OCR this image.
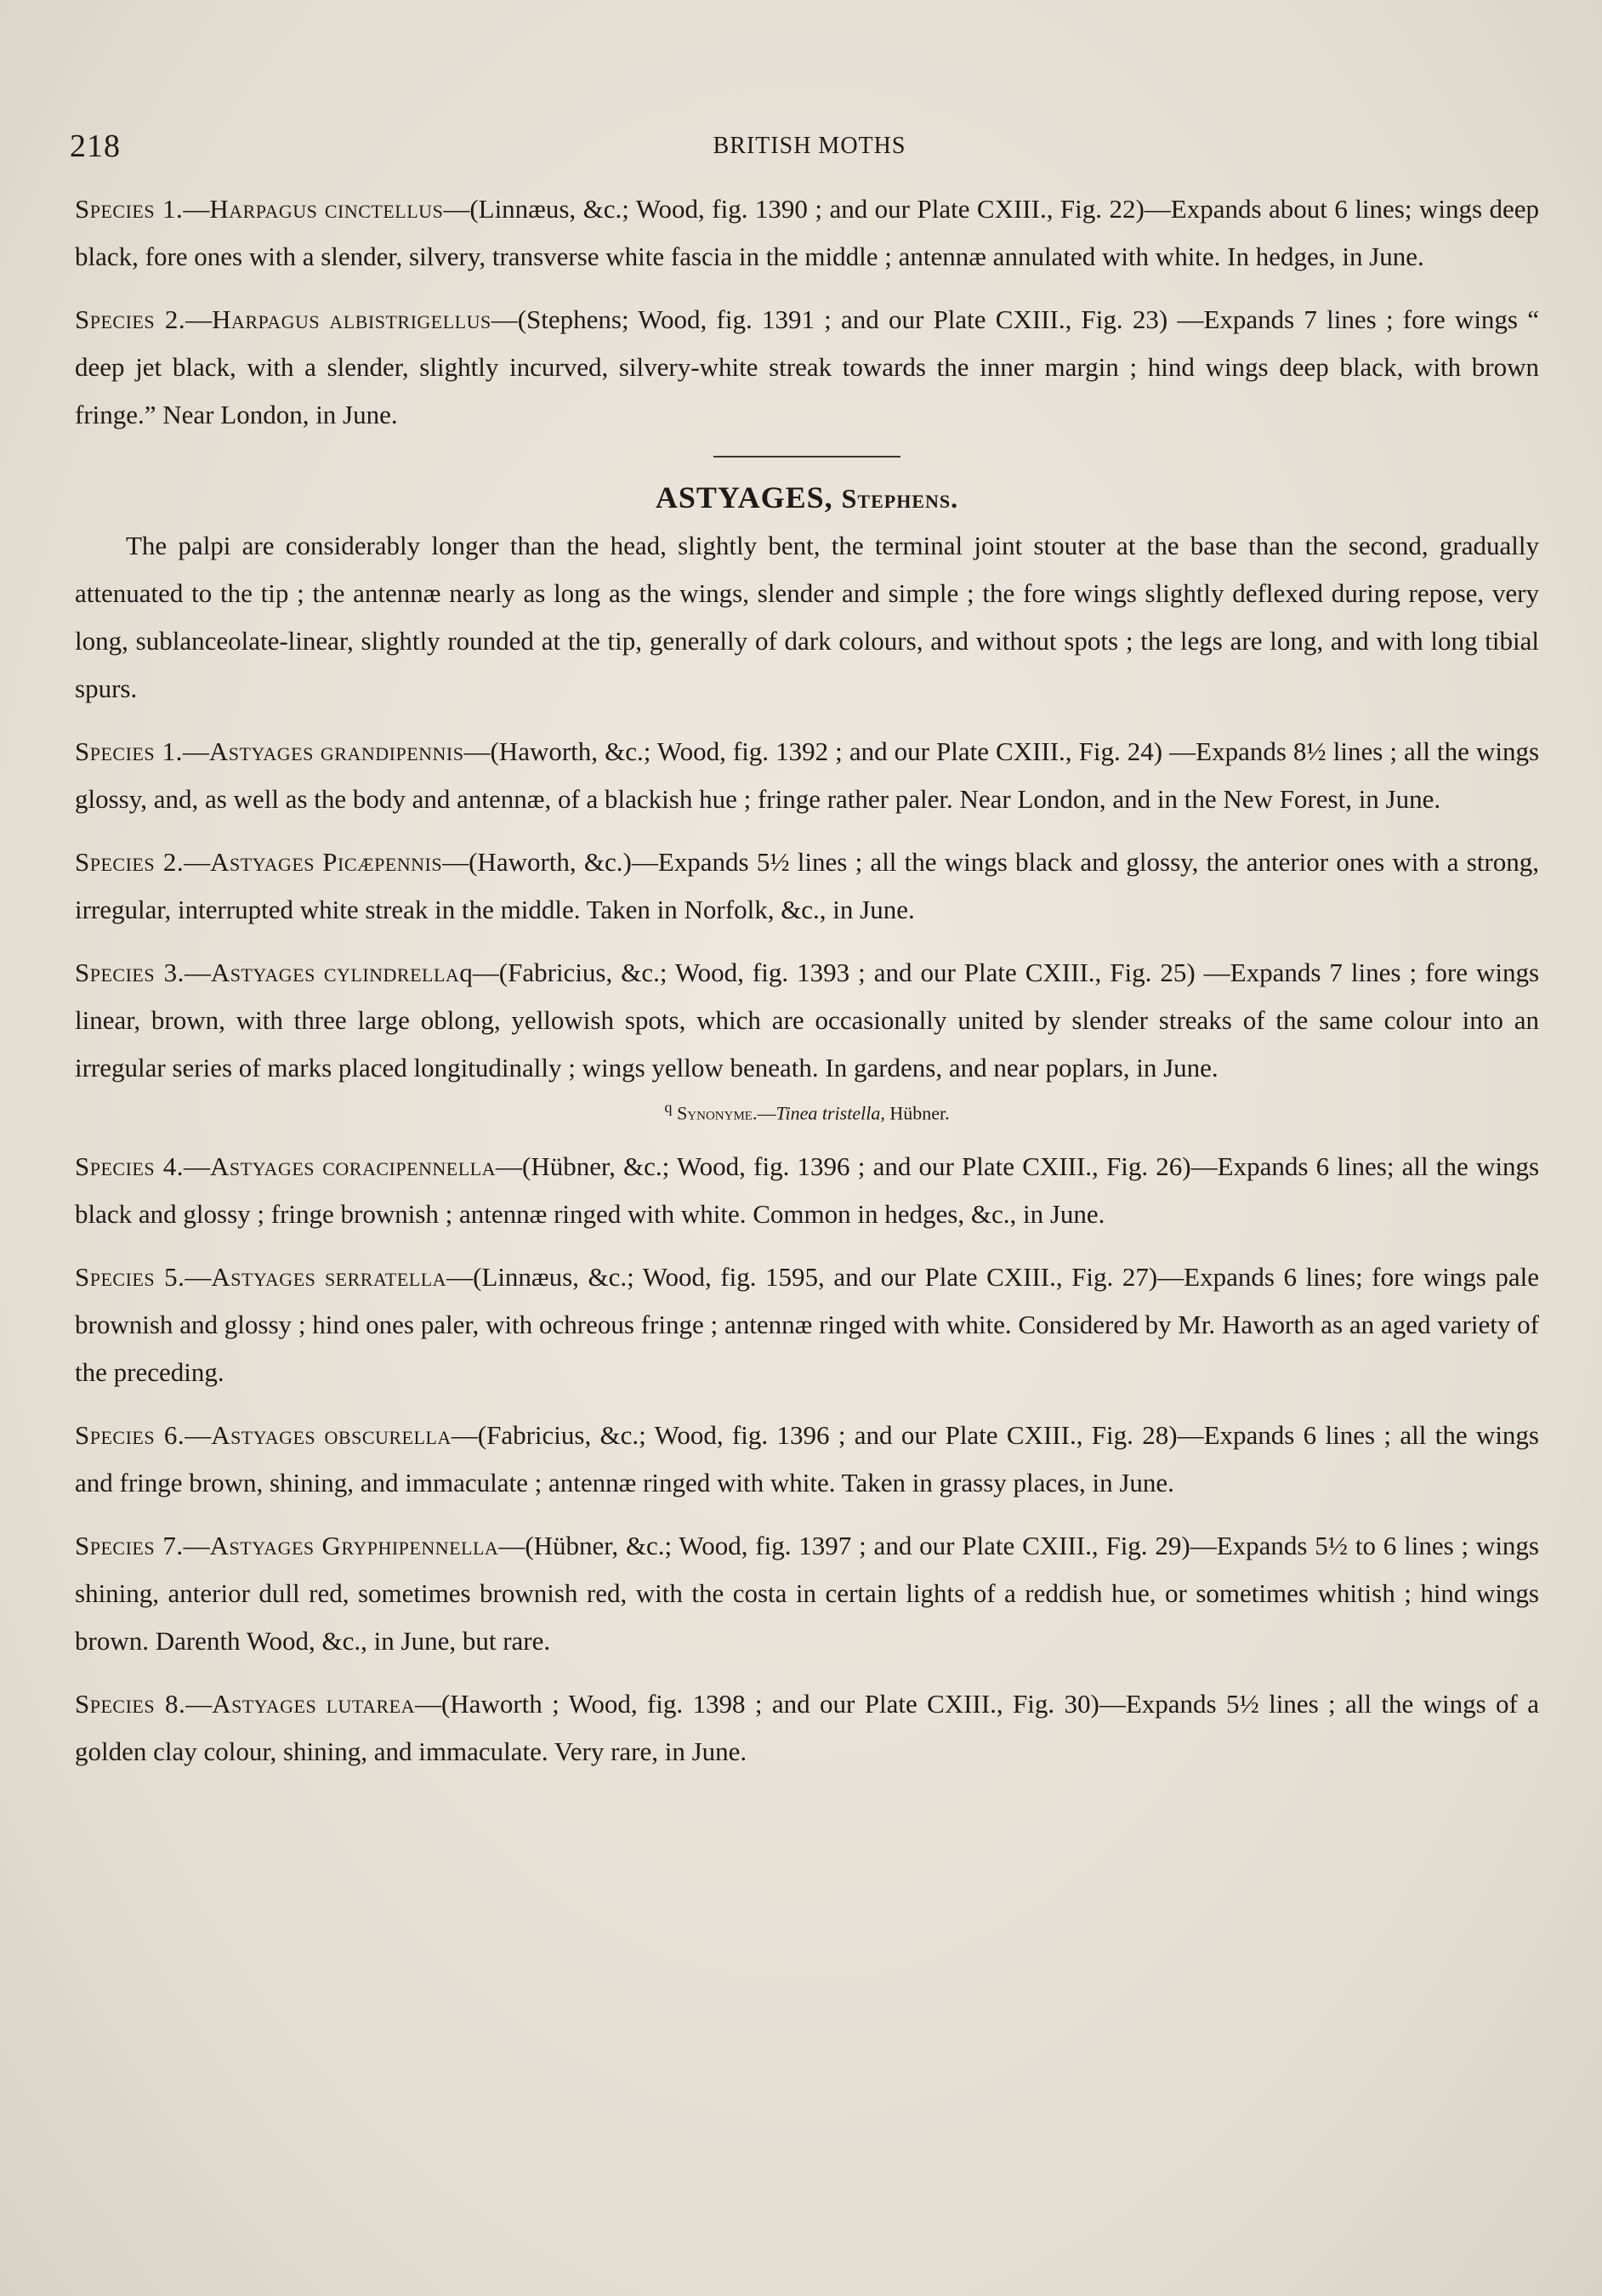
218	BRITISH MOTHS

Species 1.—Harpagus cinctellus—(Linnæus, &c.; Wood, fig. 1390 ; and our Plate CXIII., Fig. 22)—Expands about 6 lines; wings deep black, fore ones with a slender, silvery, transverse white fascia in the middle ; antennæ annulated with white. In hedges, in June.

Species 2.—Harpagus albistrigellus—(Stephens; Wood, fig. 1391 ; and our Plate CXIII., Fig. 23) —Expands 7 lines ; fore wings “ deep jet black, with a slender, slightly incurved, silvery-white streak towards the inner margin ; hind wings deep black, with brown fringe.” Near London, in June.

ASTYAGES, Stephens.

The palpi are considerably longer than the head, slightly bent, the terminal joint stouter at the base than the second, gradually attenuated to the tip ; the antennæ nearly as long as the wings, slender and simple ; the fore wings slightly deflexed during repose, very long, sublanceolate-linear, slightly rounded at the tip, generally of dark colours, and without spots ; the legs are long, and with long tibial spurs.

Species 1.—Astyages grandipennis—(Haworth, &c.; Wood, fig. 1392 ; and our Plate CXIII., Fig. 24) —Expands 8½ lines ; all the wings glossy, and, as well as the body and antennæ, of a blackish hue ; fringe rather paler. Near London, and in the New Forest, in June.

Species 2.—Astyages Picæpennis—(Haworth, &c.)—Expands 5½ lines ; all the wings black and glossy, the anterior ones with a strong, irregular, interrupted white streak in the middle. Taken in Norfolk, &c., in June.

Species 3.—Astyages cylindrellaq—(Fabricius, &c.; Wood, fig. 1393 ; and our Plate CXIII., Fig. 25) —Expands 7 lines ; fore wings linear, brown, with three large oblong, yellowish spots, which are occasionally united by slender streaks of the same colour into an irregular series of marks placed longitudinally ; wings yellow beneath. In gardens, and near poplars, in June.

$^q$ Synonyme.—Tinea tristella, Hübner.

Species 4.—Astyages coracipennella—(Hübner, &c.; Wood, fig. 1396 ; and our Plate CXIII., Fig. 26)—Expands 6 lines; all the wings black and glossy ; fringe brownish ; antennæ ringed with white. Common in hedges, &c., in June.

Species 5.—Astyages serratella—(Linnæus, &c.; Wood, fig. 1595, and our Plate CXIII., Fig. 27)—Expands 6 lines; fore wings pale brownish and glossy ; hind ones paler, with ochreous fringe ; antennæ ringed with white. Considered by Mr. Haworth as an aged variety of the preceding.

Species 6.—Astyages obscurella—(Fabricius, &c.; Wood, fig. 1396 ; and our Plate CXIII., Fig. 28)—Expands 6 lines ; all the wings and fringe brown, shining, and immaculate ; antennæ ringed with white. Taken in grassy places, in June.

Species 7.—Astyages Gryphipennella—(Hübner, &c.; Wood, fig. 1397 ; and our Plate CXIII., Fig. 29)—Expands 5½ to 6 lines ; wings shining, anterior dull red, sometimes brownish red, with the costa in certain lights of a reddish hue, or sometimes whitish ; hind wings brown. Darenth Wood, &c., in June, but rare.

Species 8.—Astyages lutarea—(Haworth ; Wood, fig. 1398 ; and our Plate CXIII., Fig. 30)—Expands 5½ lines ; all the wings of a golden clay colour, shining, and immaculate. Very rare, in June.
